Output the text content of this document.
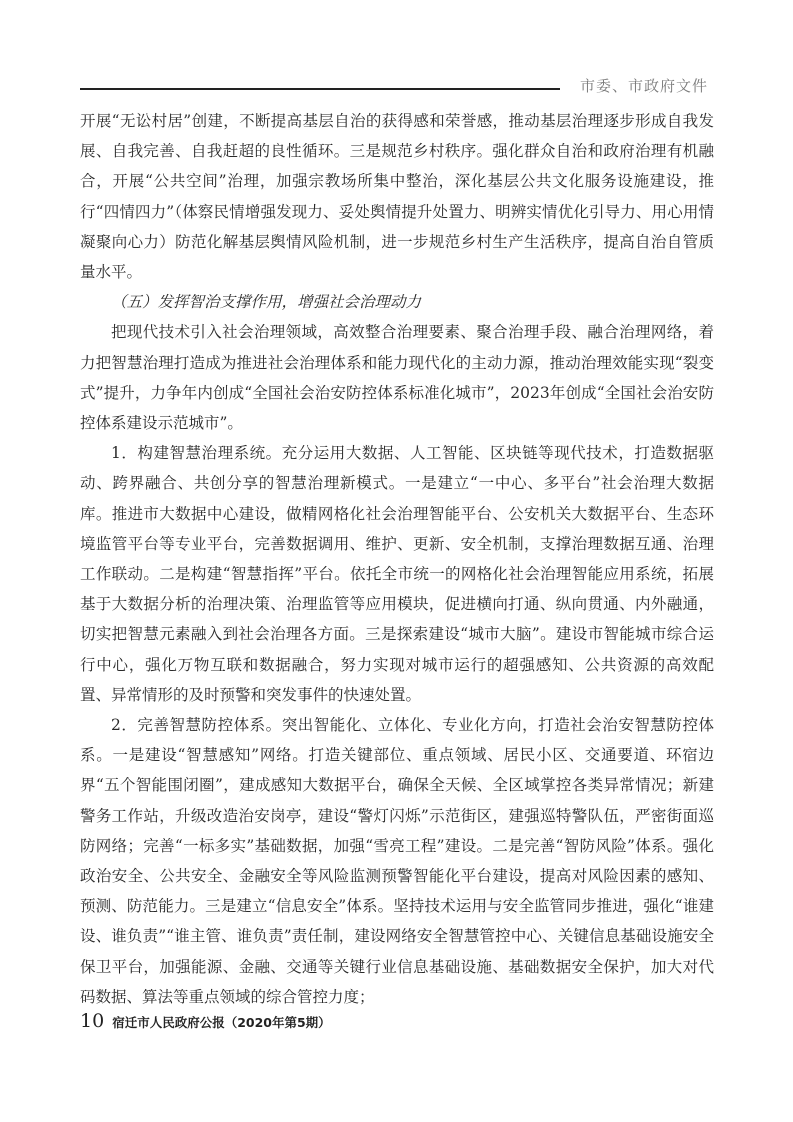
市委、市政府文件

开展“无讼村居”创建，不断提高基层自治的获得感和荣誉感，推动基层治理逐步形成自我发展、自我完善、自我赶超的良性循环。三是规范乡村秩序。强化群众自治和政府治理有机融合，开展“公共空间”治理，加强宗教场所集中整治，深化基层公共文化服务设施建设，推行“四情四力”（体察民情增强发现力、妥处舆情提升处置力、明辨实情优化引导力、用心用情凝聚向心力）防范化解基层舆情风险机制，进一步规范乡村生产生活秩序，提高自治自管质量水平。

（五）发挥智治支撑作用，增强社会治理动力

把现代技术引入社会治理领域，高效整合治理要素、聚合治理手段、融合治理网络，着力把智慧治理打造成为推进社会治理体系和能力现代化的主动力源，推动治理效能实现“裂变式”提升，力争年内创成“全国社会治安防控体系标准化城市”，2023年创成“全国社会治安防控体系建设示范城市”。

1．构建智慧治理系统。充分运用大数据、人工智能、区块链等现代技术，打造数据驱动、跨界融合、共创分享的智慧治理新模式。一是建立“一中心、多平台”社会治理大数据库。推进市大数据中心建设，做精网格化社会治理智能平台、公安机关大数据平台、生态环境监管平台等专业平台，完善数据调用、维护、更新、安全机制，支撑治理数据互通、治理工作联动。二是构建“智慧指挥”平台。依托全市统一的网格化社会治理智能应用系统，拓展基于大数据分析的治理决策、治理监管等应用模块，促进横向打通、纵向贯通、内外融通，切实把智慧元素融入到社会治理各方面。三是探索建设“城市大脑”。建设市智能城市综合运行中心，强化万物互联和数据融合，努力实现对城市运行的超强感知、公共资源的高效配置、异常情形的及时预警和突发事件的快速处置。

2．完善智慧防控体系。突出智能化、立体化、专业化方向，打造社会治安智慧防控体系。一是建设“智慧感知”网络。打造关键部位、重点领域、居民小区、交通要道、环宿边界“五个智能围闭圈”，建成感知大数据平台，确保全天候、全区域掌控各类异常情况；新建警务工作站，升级改造治安岗亭，建设“警灯闪烁”示范街区，建强巡特警队伍，严密街面巡防网络；完善“一标多实”基础数据，加强“雪亮工程”建设。二是完善“智防风险”体系。强化政治安全、公共安全、金融安全等风险监测预警智能化平台建设，提高对风险因素的感知、预测、防范能力。三是建立“信息安全”体系。坚持技术运用与安全监管同步推进，强化“谁建设、谁负责”“谁主管、谁负责”责任制，建设网络安全智慧管控中心、关键信息基础设施安全保卫平台，加强能源、金融、交通等关键行业信息基础设施、基础数据安全保护，加大对代码数据、算法等重点领域的综合管控力度；

10 宿迁市人民政府公报（2020年第5期）
